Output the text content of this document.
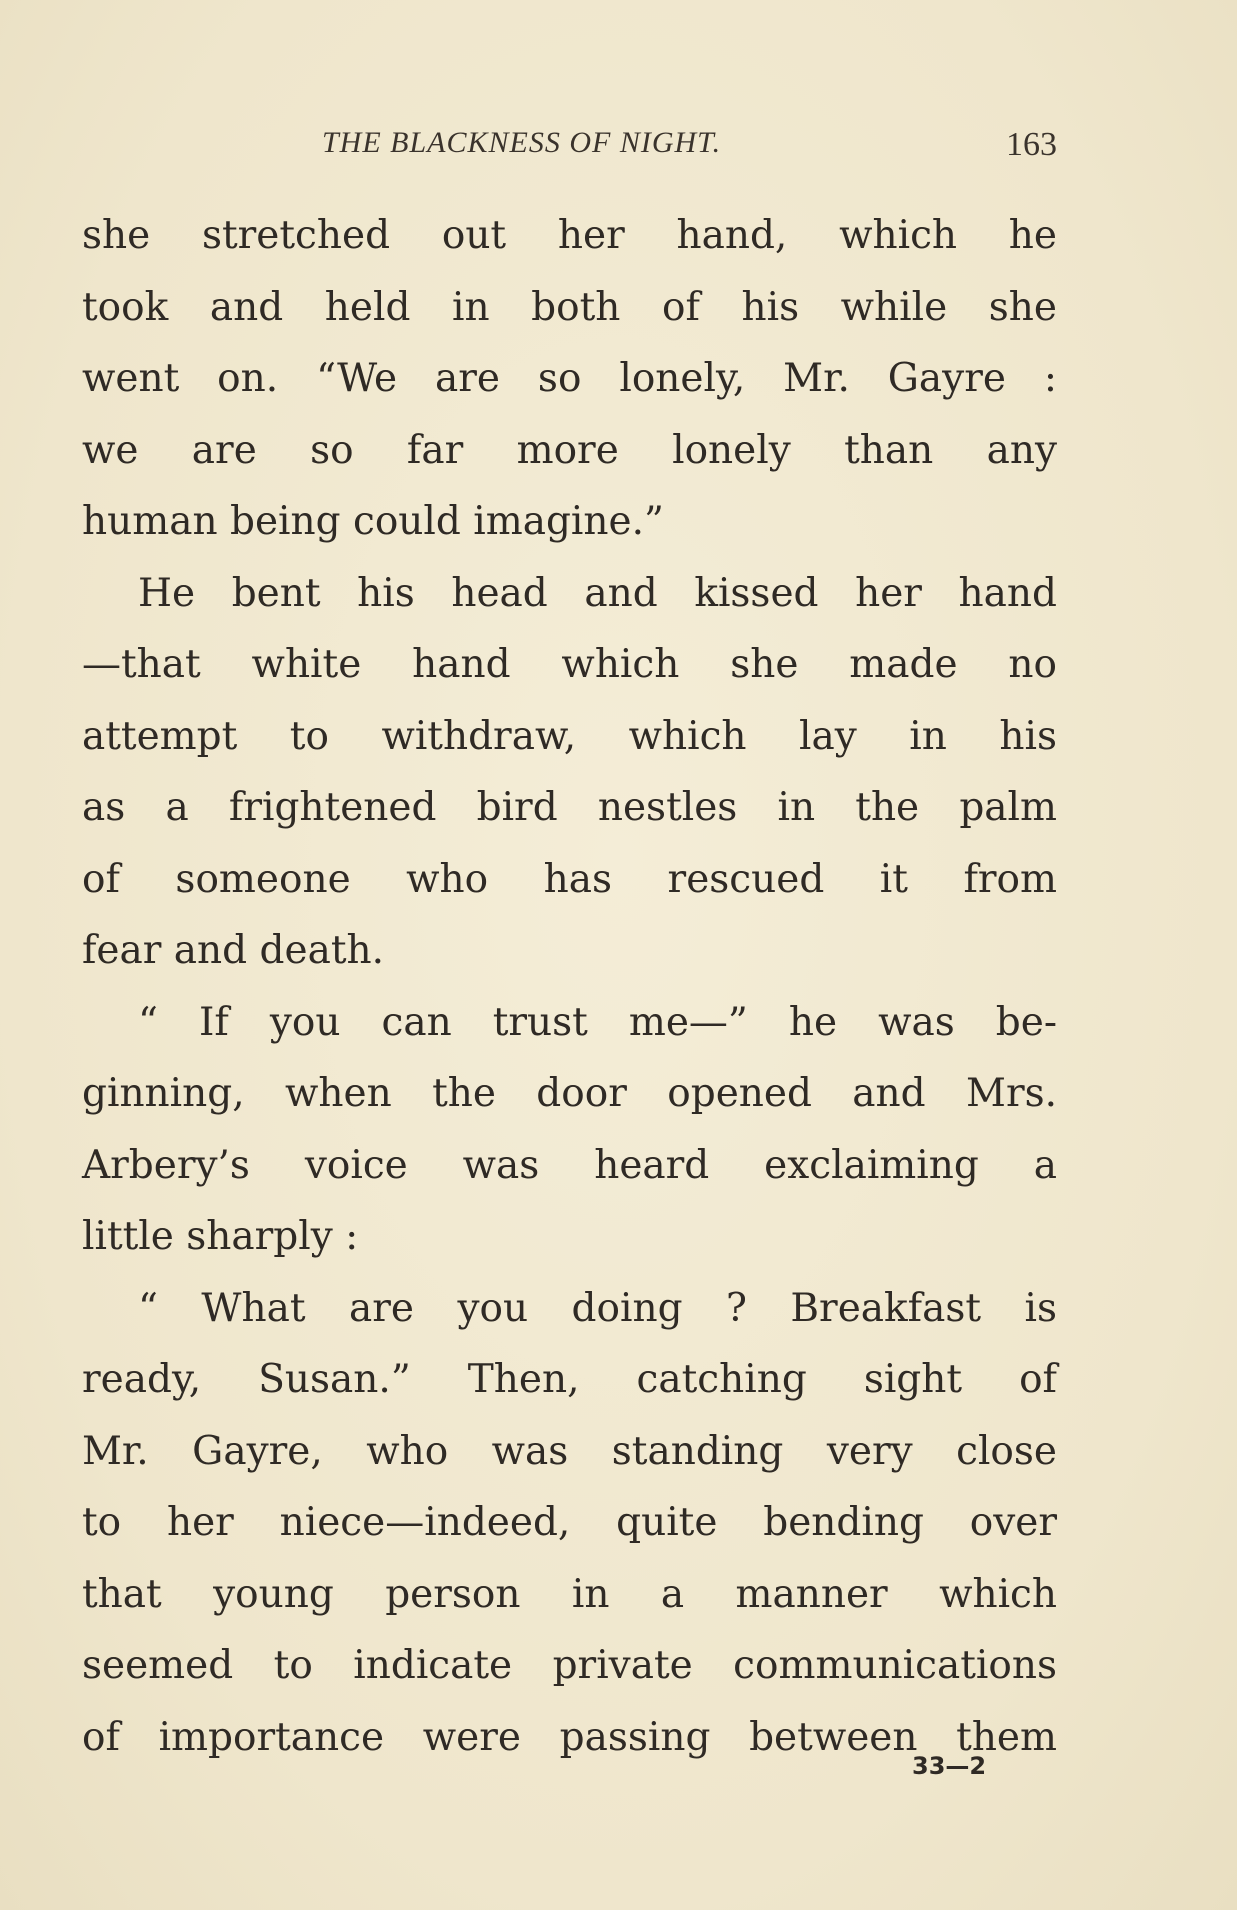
THE BLACKNESS OF NIGHT.	163
she stretched out her hand, which he
took and held in both of his while she
went on. “We are so lonely, Mr. Gayre :
we are so far more lonely than any
human being could imagine.”
He bent his head and kissed her hand
—that white hand which she made no
attempt to withdraw, which lay in his
as a frightened bird nestles in the palm
of someone who has rescued it from
fear and death.
“ If you can trust me—” he was be-
ginning, when the door opened and Mrs.
Arbery’s voice was heard exclaiming a
little sharply :
“ What are you doing ? Breakfast is
ready, Susan.” Then, catching sight of
Mr. Gayre, who was standing very close
to her niece—indeed, quite bending over
that young person in a manner which
seemed to indicate private communications
of importance were passing between them
33—2
